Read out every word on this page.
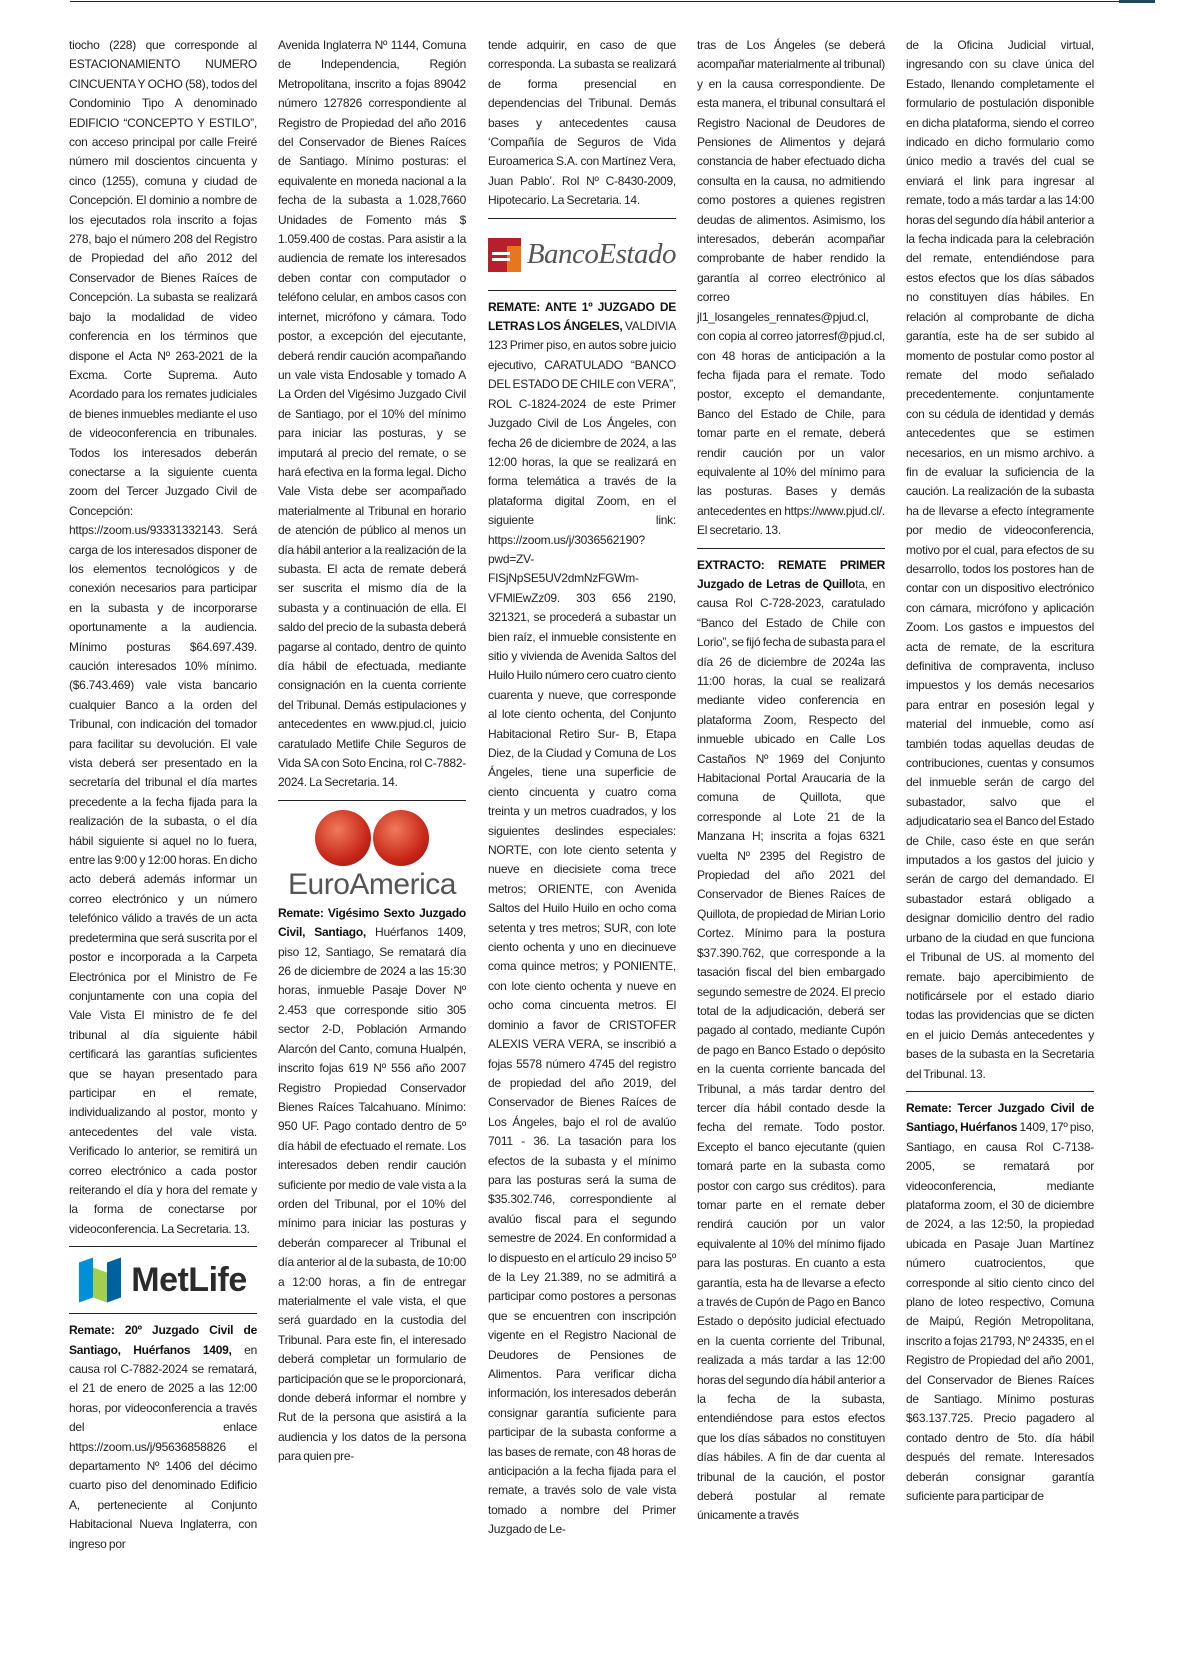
tiocho (228) que corresponde al ESTACIONAMIENTO NUMERO CINCUENTA Y OCHO (58), todos del Condominio Tipo A denominado EDIFICIO “CONCEPTO Y ESTILO”, con acceso principal por calle Freiré número mil doscientos cincuenta y cinco (1255), comuna y ciudad de Concepción. El dominio a nombre de los ejecutados rola inscrito a fojas 278, bajo el número 208 del Registro de Propiedad del año 2012 del Conservador de Bienes Raíces de Concepción. La subasta se realizará bajo la modalidad de video conferencia en los términos que dispone el Acta Nº 263-2021 de la Excma. Corte Suprema. Auto Acordado para los remates judiciales de bienes inmuebles mediante el uso de videoconferencia en tribunales. Todos los interesados deberán conectarse a la siguiente cuenta zoom del Tercer Juzgado Civil de Concepción: https://zoom.us/93331332143. Será carga de los interesados disponer de los elementos tecnológicos y de conexión necesarios para participar en la subasta y de incorporarse oportunamente a la audiencia. Mínimo posturas $64.697.439. caución interesados 10% mínimo. ($6.743.469) vale vista bancario cualquier Banco a la orden del Tribunal, con indicación del tomador para facilitar su devolución. El vale vista deberá ser presentado en la secretaría del tribunal el día martes precedente a la fecha fijada para la realización de la subasta, o el día hábil siguiente si aquel no lo fuera, entre las 9:00 y 12:00 horas. En dicho acto deberá además informar un correo electrónico y un número telefónico válido a través de un acta predetermina que será suscrita por el postor e incorporada a la Carpeta Electrónica por el Ministro de Fe conjuntamente con una copia del Vale Vista El ministro de fe del tribunal al día siguiente hábil certificará las garantías suficientes que se hayan presentado para participar en el remate, individualizando al postor, monto y antecedentes del vale vista. Verificado lo anterior, se remitirá un correo electrónico a cada postor reiterando el día y hora del remate y la forma de conectarse por videoconferencia. La Secretaria. 13.

MetLife

Remate: 20º Juzgado Civil de Santiago, Huérfanos 1409, en causa rol C-7882-2024 se rematará, el 21 de enero de 2025 a las 12:00 horas, por videoconferencia a través del enlace https://zoom.us/j/95636858826 el departamento Nº 1406 del décimo cuarto piso del denominado Edificio A, perteneciente al Conjunto Habitacional Nueva Inglaterra, con ingreso por

Avenida Inglaterra Nº 1144, Comuna de Independencia, Región Metropolitana, inscrito a fojas 89042 número 127826 correspondiente al Registro de Propiedad del año 2016 del Conservador de Bienes Raíces de Santiago. Mínimo posturas: el equivalente en moneda nacional a la fecha de la subasta a 1.028,7660 Unidades de Fomento más $ 1.059.400 de costas. Para asistir a la audiencia de remate los interesados deben contar con computador o teléfono celular, en ambos casos con internet, micrófono y cámara. Todo postor, a excepción del ejecutante, deberá rendir caución acompañando un vale vista Endosable y tomado A La Orden del Vigésimo Juzgado Civil de Santiago, por el 10% del mínimo para iniciar las posturas, y se imputará al precio del remate, o se hará efectiva en la forma legal. Dicho Vale Vista debe ser acompañado materialmente al Tribunal en horario de atención de público al menos un día hábil anterior a la realización de la subasta. El acta de remate deberá ser suscrita el mismo día de la subasta y a continuación de ella. El saldo del precio de la subasta deberá pagarse al contado, dentro de quinto día hábil de efectuada, mediante consignación en la cuenta corriente del Tribunal. Demás estipulaciones y antecedentes en www.pjud.cl, juicio caratulado Metlife Chile Seguros de Vida SA con Soto Encina, rol C-7882-2024. La Secretaria. 14.

EuroAmerica

Remate: Vigésimo Sexto Juzgado Civil, Santiago, Huérfanos 1409, piso 12, Santiago, Se rematará día 26 de diciembre de 2024 a las 15:30 horas, inmueble Pasaje Dover Nº 2.453 que corresponde sitio 305 sector 2-D, Población Armando Alarcón del Canto, comuna Hualpén, inscrito fojas 619 Nº 556 año 2007 Registro Propiedad Conservador Bienes Raíces Talcahuano. Mínimo: 950 UF. Pago contado dentro de 5º día hábil de efectuado el remate. Los interesados deben rendir caución suficiente por medio de vale vista a la orden del Tribunal, por el 10% del mínimo para iniciar las posturas y deberán comparecer al Tribunal el día anterior al de la subasta, de 10:00 a 12:00 horas, a fin de entregar materialmente el vale vista, el que será guardado en la custodia del Tribunal. Para este fin, el interesado deberá completar un formulario de participación que se le proporcionará, donde deberá informar el nombre y Rut de la persona que asistirá a la audiencia y los datos de la persona para quien pre-

tende adquirir, en caso de que corresponda. La subasta se realizará de forma presencial en dependencias del Tribunal. Demás bases y antecedentes causa ‘Compañía de Seguros de Vida Euroamerica S.A. con Martínez Vera, Juan Pablo’. Rol Nº C-8430-2009, Hipotecario. La Secretaria. 14.

BancoEstado

REMATE: ANTE 1º JUZGADO DE LETRAS LOS ÁNGELES, VALDIVIA 123 Primer piso, en autos sobre juicio ejecutivo, CARATULADO “BANCO DEL ESTADO DE CHILE con VERA”, ROL C-1824-2024 de este Primer Juzgado Civil de Los Ángeles, con fecha 26 de diciembre de 2024, a las 12:00 horas, la que se realizará en forma telemática a través de la plataforma digital Zoom, en el siguiente link: https://zoom.us/j/3036562190?pwd=ZV-FISjNpSE5UV2dmNzFGWm-VFMlEwZz09. 303 656 2190, 321321, se procederá a subastar un bien raíz, el inmueble consistente en sitio y vivienda de Avenida Saltos del Huilo Huilo número cero cuatro ciento cuarenta y nueve, que corresponde al lote ciento ochenta, del Conjunto Habitacional Retiro Sur- B, Etapa Diez, de la Ciudad y Comuna de Los Ángeles, tiene una superficie de ciento cincuenta y cuatro coma treinta y un metros cuadrados, y los siguientes deslindes especiales: NORTE, con lote ciento setenta y nueve en diecisiete coma trece metros; ORIENTE, con Avenida Saltos del Huilo Huilo en ocho coma setenta y tres metros; SUR, con lote ciento ochenta y uno en diecinueve coma quince metros; y PONIENTE, con lote ciento ochenta y nueve en ocho coma cincuenta metros. El dominio a favor de CRISTOFER ALEXIS VERA VERA, se inscribió a fojas 5578 número 4745 del registro de propiedad del año 2019, del Conservador de Bienes Raíces de Los Ángeles, bajo el rol de avalúo 7011 - 36. La tasación para los efectos de la subasta y el mínimo para las posturas será la suma de $35.302.746, correspondiente al avalúo fiscal para el segundo semestre de 2024. En conformidad a lo dispuesto en el artículo 29 inciso 5º de la Ley 21.389, no se admitirá a participar como postores a personas que se encuentren con inscripción vigente en el Registro Nacional de Deudores de Pensiones de Alimentos. Para verificar dicha información, los interesados deberán consignar garantía suficiente para participar de la subasta conforme a las bases de remate, con 48 horas de anticipación a la fecha fijada para el remate, a través solo de vale vista tomado a nombre del Primer Juzgado de Le-

tras de Los Ángeles (se deberá acompañar materialmente al tribunal) y en la causa correspondiente. De esta manera, el tribunal consultará el Registro Nacional de Deudores de Pensiones de Alimentos y dejará constancia de haber efectuado dicha consulta en la causa, no admitiendo como postores a quienes registren deudas de alimentos. Asimismo, los interesados, deberán acompañar comprobante de haber rendido la garantía al correo electrónico al correo jl1_losangeles_rennates@pjud.cl, con copia al correo jatorresf@pjud.cl, con 48 horas de anticipación a la fecha fijada para el remate. Todo postor, excepto el demandante, Banco del Estado de Chile, para tomar parte en el remate, deberá rendir caución por un valor equivalente al 10% del mínimo para las posturas. Bases y demás antecedentes en https://www.pjud.cl/. El secretario. 13.

EXTRACTO: REMATE PRIMER Juzgado de Letras de Quillota, en causa Rol C-728-2023, caratulado “Banco del Estado de Chile con Lorio”, se fijó fecha de subasta para el día 26 de diciembre de 2024a las 11:00 horas, la cual se realizará mediante video conferencia en plataforma Zoom, Respecto del inmueble ubicado en Calle Los Castaños Nº 1969 del Conjunto Habitacional Portal Araucaria de la comuna de Quillota, que corresponde al Lote 21 de la Manzana H; inscrita a fojas 6321 vuelta Nº 2395 del Registro de Propiedad del año 2021 del Conservador de Bienes Raíces de Quillota, de propiedad de Mirian Lorio Cortez. Mínimo para la postura $37.390.762, que corresponde a la tasación fiscal del bien embargado segundo semestre de 2024. El precio total de la adjudicación, deberá ser pagado al contado, mediante Cupón de pago en Banco Estado o depósito en la cuenta corriente bancada del Tribunal, a más tardar dentro del tercer día hábil contado desde la fecha del remate. Todo postor. Excepto el banco ejecutante (quien tomará parte en la subasta como postor con cargo sus créditos). para tomar parte en el remate deber rendirá caución por un valor equivalente al 10% del mínimo fijado para las posturas. En cuanto a esta garantía, esta ha de llevarse a efecto a través de Cupón de Pago en Banco Estado o depósito judicial efectuado en la cuenta corriente del Tribunal, realizada a más tardar a las 12:00 horas del segundo día hábil anterior a la fecha de la subasta, entendiéndose para estos efectos que los días sábados no constituyen días hábiles. A fin de dar cuenta al tribunal de la caución, el postor deberá postular al remate únicamente a través

de la Oficina Judicial virtual, ingresando con su clave única del Estado, llenando completamente el formulario de postulación disponible en dicha plataforma, siendo el correo indicado en dicho formulario como único medio a través del cual se enviará el link para ingresar al remate, todo a más tardar a las 14:00 horas del segundo día hábil anterior a la fecha indicada para la celebración del remate, entendiéndose para estos efectos que los días sábados no constituyen días hábiles. En relación al comprobante de dicha garantía, este ha de ser subido al momento de postular como postor al remate del modo señalado precedentemente. conjuntamente con su cédula de identidad y demás antecedentes que se estimen necesarios, en un mismo archivo. a fin de evaluar la suficiencia de la caución. La realización de la subasta ha de llevarse a efecto íntegramente por medio de videoconferencia, motivo por el cual, para efectos de su desarrollo, todos los postores han de contar con un dispositivo electrónico con cámara, micrófono y aplicación Zoom. Los gastos e impuestos del acta de remate, de la escritura definitiva de compraventa, incluso impuestos y los demás necesarios para entrar en posesión legal y material del inmueble, como así también todas aquellas deudas de contribuciones, cuentas y consumos del inmueble serán de cargo del subastador, salvo que el adjudicatario sea el Banco del Estado de Chile, caso éste en que serán imputados a los gastos del juicio y serán de cargo del demandado. El subastador estará obligado a designar domicilio dentro del radio urbano de la ciudad en que funciona el Tribunal de US. al momento del remate. bajo apercibimiento de notificársele por el estado diario todas las providencias que se dicten en el juicio Demás antecedentes y bases de la subasta en la Secretaria del Tribunal. 13.

Remate: Tercer Juzgado Civil de Santiago, Huérfanos 1409, 17º piso, Santiago, en causa Rol C-7138-2005, se rematará por videoconferencia, mediante plataforma zoom, el 30 de diciembre de 2024, a las 12:50, la propiedad ubicada en Pasaje Juan Martínez número cuatrocientos, que corresponde al sitio ciento cinco del plano de loteo respectivo, Comuna de Maipú, Región Metropolitana, inscrito a fojas 21793, Nº 24335, en el Registro de Propiedad del año 2001, del Conservador de Bienes Raíces de Santiago. Mínimo posturas $63.137.725. Precio pagadero al contado dentro de 5to. día hábil después del remate. Interesados deberán consignar garantía suficiente para participar de
